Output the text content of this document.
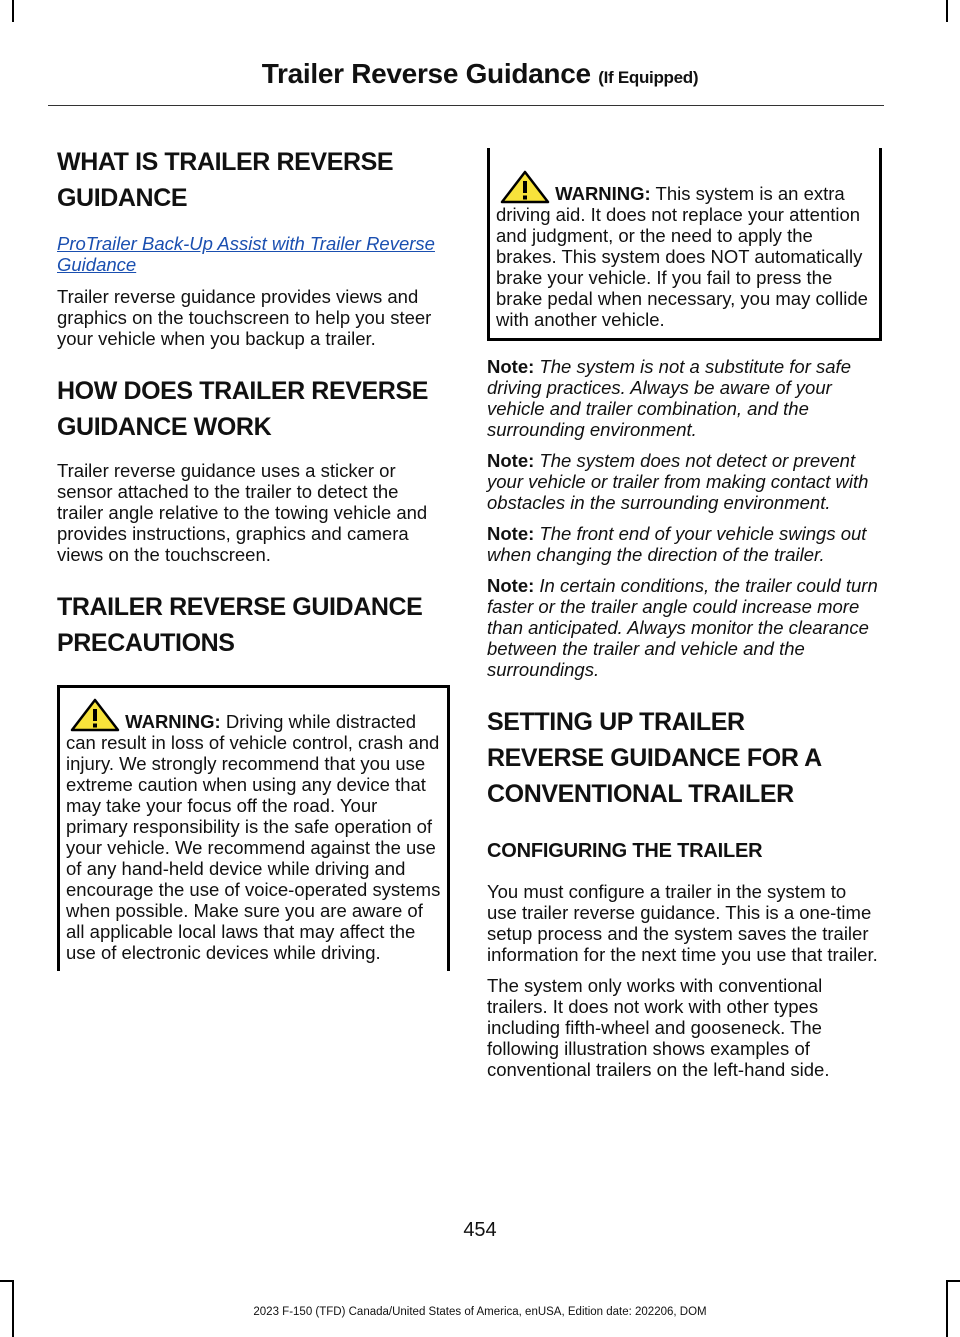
Trailer Reverse Guidance (If Equipped)
WHAT IS TRAILER REVERSE
GUIDANCE
ProTrailer Back-Up Assist with Trailer Reverse Guidance

Trailer reverse guidance provides views and graphics on the touchscreen to help you steer your vehicle when you backup a trailer.

HOW DOES TRAILER REVERSE
GUIDANCE WORK

Trailer reverse guidance uses a sticker or sensor attached to the trailer to detect the trailer angle relative to the towing vehicle and provides instructions, graphics and camera views on the touchscreen.

TRAILER REVERSE GUIDANCE
PRECAUTIONS

WARNING: Driving while distracted can result in loss of vehicle control, crash and injury. We strongly recommend that you use extreme caution when using any device that may take your focus off the road. Your primary responsibility is the safe operation of your vehicle. We recommend against the use of any hand-held device while driving and encourage the use of voice-operated systems when possible. Make sure you are aware of all applicable local laws that may affect the use of electronic devices while driving.

WARNING: This system is an extra driving aid. It does not replace your attention and judgment, or the need to apply the brakes. This system does NOT automatically brake your vehicle. If you fail to press the brake pedal when necessary, you may collide with another vehicle.

Note: The system is not a substitute for safe driving practices. Always be aware of your vehicle and trailer combination, and the surrounding environment.

Note: The system does not detect or prevent your vehicle or trailer from making contact with obstacles in the surrounding environment.

Note: The front end of your vehicle swings out when changing the direction of the trailer.

Note: In certain conditions, the trailer could turn faster or the trailer angle could increase more than anticipated. Always monitor the clearance between the trailer and vehicle and the surroundings.

SETTING UP TRAILER
REVERSE GUIDANCE FOR A
CONVENTIONAL TRAILER
CONFIGURING THE TRAILER

You must configure a trailer in the system to use trailer reverse guidance. This is a one-time setup process and the system saves the trailer information for the next time you use that trailer.

The system only works with conventional trailers. It does not work with other types including fifth-wheel and gooseneck. The following illustration shows examples of conventional trailers on the left-hand side.

454
2023 F-150 (TFD) Canada/United States of America, enUSA, Edition date: 202206, DOM
